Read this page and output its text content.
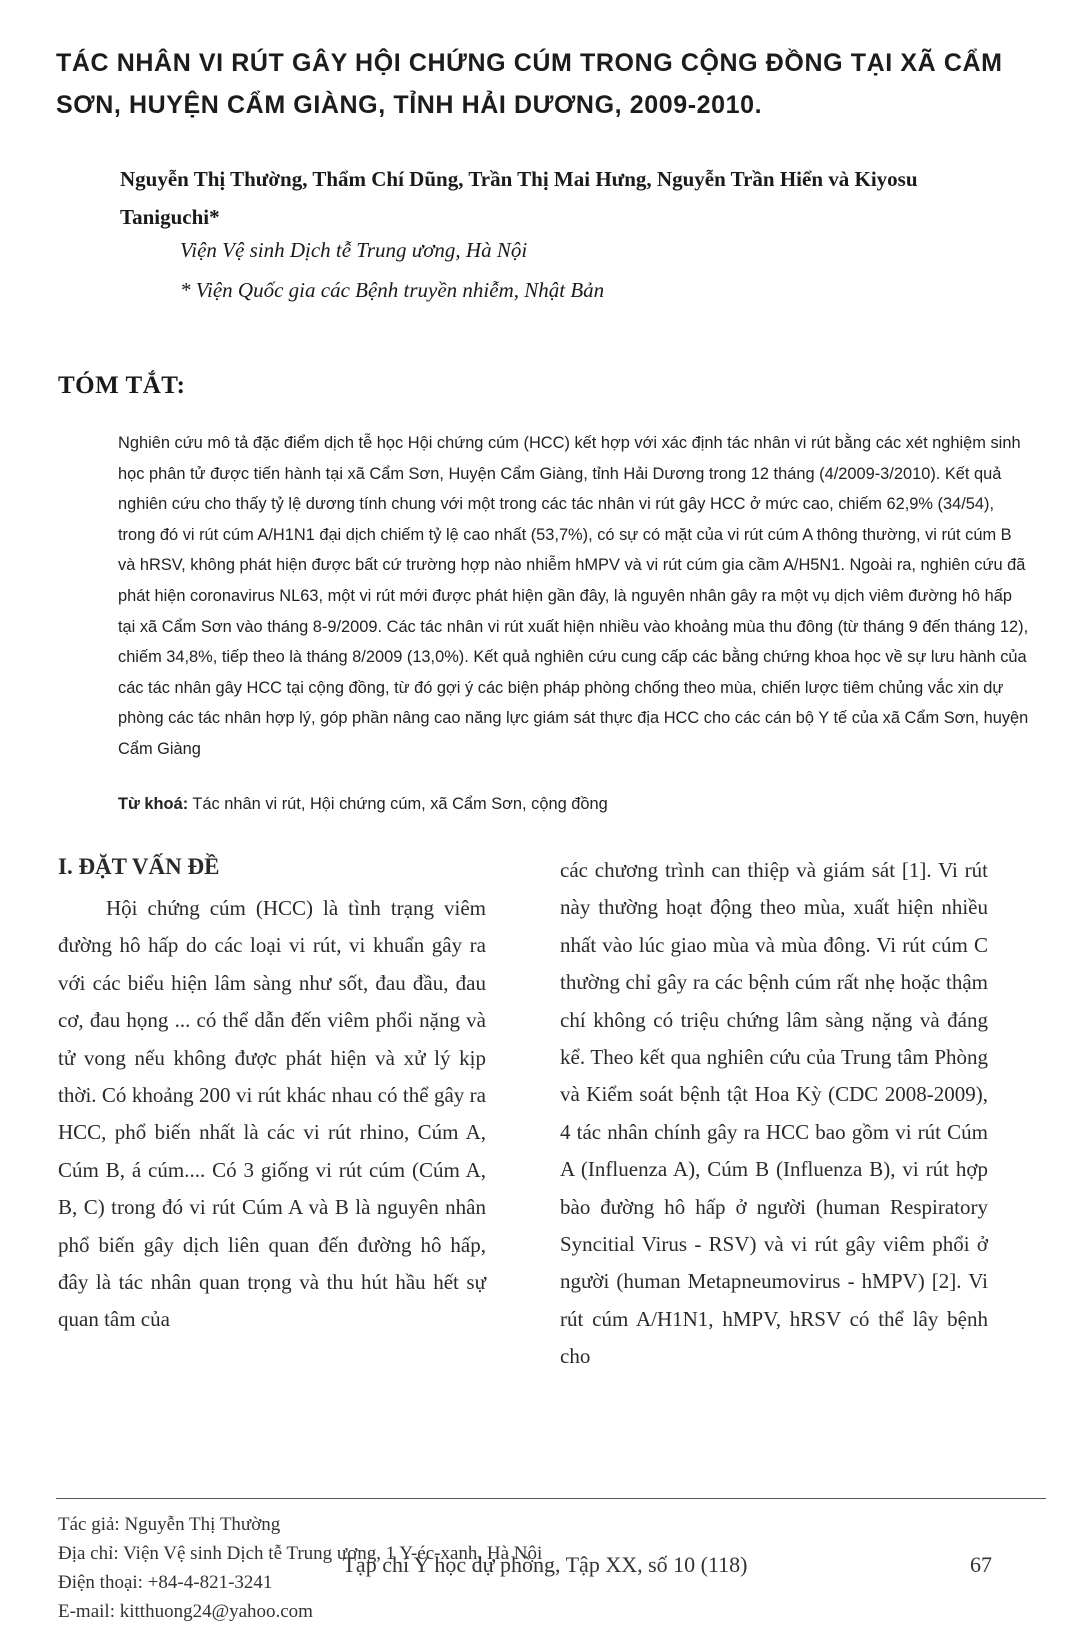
TÁC NHÂN VI RÚT GÂY HỘI CHỨNG CÚM TRONG CỘNG ĐỒNG TẠI XÃ CẨM SƠN, HUYỆN CẨM GIÀNG, TỈNH HẢI DƯƠNG, 2009-2010.

Nguyễn Thị Thường, Thẩm Chí Dũng, Trần Thị Mai Hưng, Nguyễn Trần Hiển và Kiyosu Taniguchi*

Viện Vệ sinh Dịch tễ Trung ương, Hà Nội

* Viện Quốc gia các Bệnh truyền nhiễm, Nhật Bản

TÓM TẮT:

Nghiên cứu mô tả đặc điểm dịch tễ học Hội chứng cúm (HCC) kết hợp với xác định tác nhân vi rút bằng các xét nghiệm sinh học phân tử được tiến hành tại xã Cẩm Sơn, Huyện Cẩm Giàng, tỉnh Hải Dương trong 12 tháng (4/2009-3/2010). Kết quả nghiên cứu cho thấy tỷ lệ dương tính chung với một trong các tác nhân vi rút gây HCC ở mức cao, chiếm 62,9% (34/54), trong đó vi rút cúm A/H1N1 đại dịch chiếm tỷ lệ cao nhất (53,7%), có sự có mặt của vi rút cúm A thông thường, vi rút cúm B và hRSV, không phát hiện được bất cứ trường hợp nào nhiễm hMPV và vi rút cúm gia cầm A/H5N1. Ngoài ra, nghiên cứu đã phát hiện coronavirus NL63, một vi rút mới được phát hiện gần đây, là nguyên nhân gây ra một vụ dịch viêm đường hô hấp tại xã Cẩm Sơn vào tháng 8-9/2009. Các tác nhân vi rút xuất hiện nhiều vào khoảng mùa thu đông (từ tháng 9 đến tháng 12), chiếm 34,8%, tiếp theo là tháng 8/2009 (13,0%). Kết quả nghiên cứu cung cấp các bằng chứng khoa học về sự lưu hành của các tác nhân gây HCC tại cộng đồng, từ đó gợi ý các biện pháp phòng chống theo mùa, chiến lược tiêm chủng vắc xin dự phòng các tác nhân hợp lý, góp phần nâng cao năng lực giám sát thực địa HCC cho các cán bộ Y tế của xã Cẩm Sơn, huyện Cẩm Giàng

Từ khoá: Tác nhân vi rút, Hội chứng cúm, xã Cẩm Sơn, cộng đồng

I. ĐẶT VẤN ĐỀ

Hội chứng cúm (HCC) là tình trạng viêm đường hô hấp do các loại vi rút, vi khuẩn gây ra với các biểu hiện lâm sàng như sốt, đau đầu, đau cơ, đau họng ... có thể dẫn đến viêm phổi nặng và tử vong nếu không được phát hiện và xử lý kịp thời. Có khoảng 200 vi rút khác nhau có thể gây ra HCC, phổ biến nhất là các vi rút rhino, Cúm A, Cúm B, á cúm.... Có 3 giống vi rút cúm (Cúm A, B, C) trong đó vi rút Cúm A và B là nguyên nhân phổ biến gây dịch liên quan đến đường hô hấp, đây là tác nhân quan trọng và thu hút hầu hết sự quan tâm của

các chương trình can thiệp và giám sát [1]. Vi rút này thường hoạt động theo mùa, xuất hiện nhiều nhất vào lúc giao mùa và mùa đông. Vi rút cúm C thường chỉ gây ra các bệnh cúm rất nhẹ hoặc thậm chí không có triệu chứng lâm sàng nặng và đáng kể. Theo kết qua nghiên cứu của Trung tâm Phòng và Kiểm soát bệnh tật Hoa Kỳ (CDC 2008-2009), 4 tác nhân chính gây ra HCC bao gồm vi rút Cúm A (Influenza A), Cúm B (Influenza B), vi rút hợp bào đường hô hấp ở người (human Respiratory Syncitial Virus - RSV) và vi rút gây viêm phổi ở người (human Metapneumovirus - hMPV) [2]. Vi rút cúm A/H1N1, hMPV, hRSV có thể lây bệnh cho

Tác giả: Nguyễn Thị Thường
Địa chỉ: Viện Vệ sinh Dịch tễ Trung ương, 1 Y-éc-xanh, Hà Nội
Điện thoại: +84-4-821-3241
E-mail: kitthuong24@yahoo.com
Tạp chí Y học dự phòng, Tập XX, số 10 (118)	67
